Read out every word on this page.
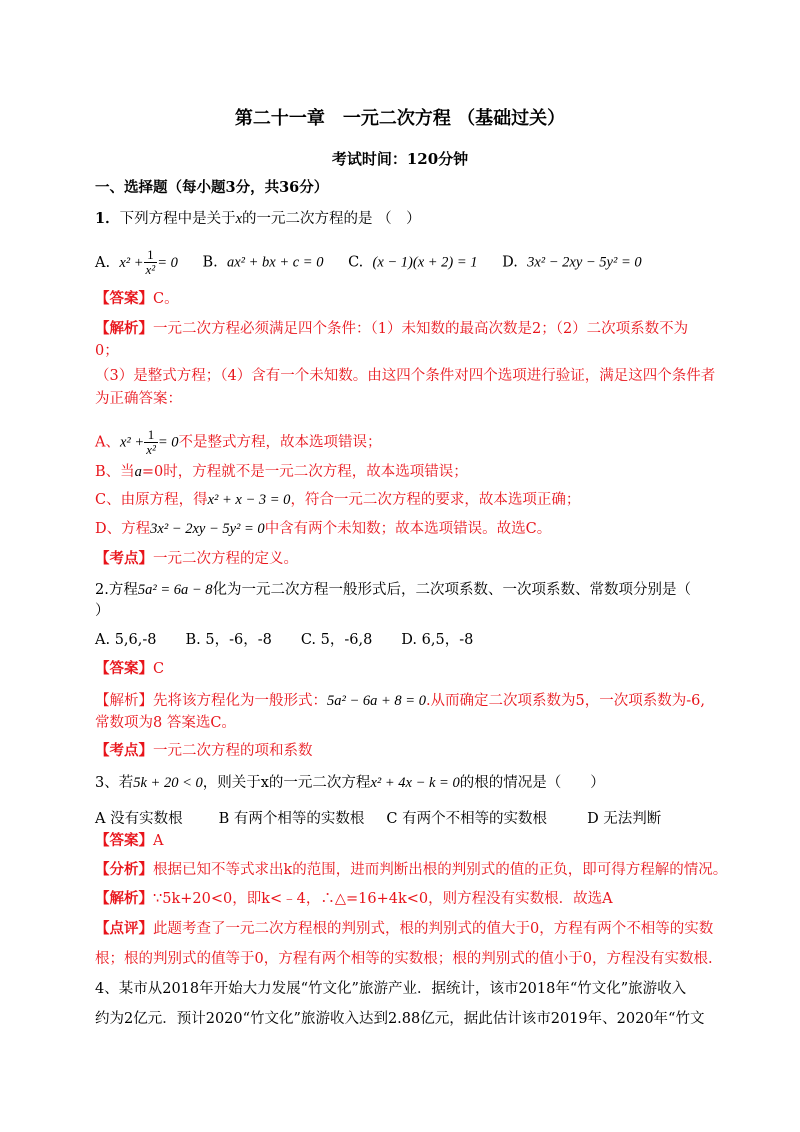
第二十一章　一元二次方程 （基础过关）
考试时间：120分钟
一、选择题（每小题3分，共36分）
1．下列方程中是关于x的一元二次方程的是 （　）
A. $x^2 + \frac{1}{\text{x²}} = 0$ B. ax² + bx + c = 0 C. (x − 1)(x + 2) = 1 D. 3x² − 2xy − 5y² = 0
【答案】C。
【解析】一元二次方程必须满足四个条件：（1）未知数的最高次数是2；（2）二次项系数不为
0；
（3）是整式方程；（4）含有一个未知数。由这四个条件对四个选项进行验证，满足这四个条件者
为正确答案：
A、$x^2 + \frac{1}{\text{x²}} = 0$不是整式方程，故本选项错误；
B、当a=0时，方程就不是一元二次方程，故本选项错误；
C、由原方程，得x² + x − 3 = 0，符合一元二次方程的要求，故本选项正确；
D、方程3x² − 2xy − 5y² = 0中含有两个未知数；故本选项错误。故选C。
【考点】一元二次方程的定义。
2.方程5a² = 6a − 8化为一元二次方程一般形式后，二次项系数、一次项系数、常数项分别是（
）
A. 5,6,-8　　B. 5，-6，-8　　C. 5，-6,8　　D. 6,5，-8
【答案】C
【解析】先将该方程化为一般形式：5a² − 6a + 8 = 0.从而确定二次项系数为5，一次项系数为-6,
常数项为8 答案选C。
【考点】一元二次方程的项和系数
3、若5k + 20 < 0，则关于x的一元二次方程x² + 4x − k = 0的根的情况是（　　）
A 没有实数根 B 有两个相等的实数根 C 有两个不相等的实数根	D 无法判断
【答案】A
【分析】根据已知不等式求出k的范围，进而判断出根的判别式的值的正负，即可得方程解的情况。
【解析】∵5k+20<0，即k<﹣4，∴△=16+4k<0，则方程没有实数根．故选A
【点评】此题考查了一元二次方程根的判别式，根的判别式的值大于0，方程有两个不相等的实数
根；根的判别式的值等于0，方程有两个相等的实数根；根的判别式的值小于0，方程没有实数根.
4、某市从2018年开始大力发展“竹文化”旅游产业．据统计，该市2018年“竹文化”旅游收入
约为2亿元．预计2020“竹文化”旅游收入达到2.88亿元，据此估计该市2019年、2020年“竹文
